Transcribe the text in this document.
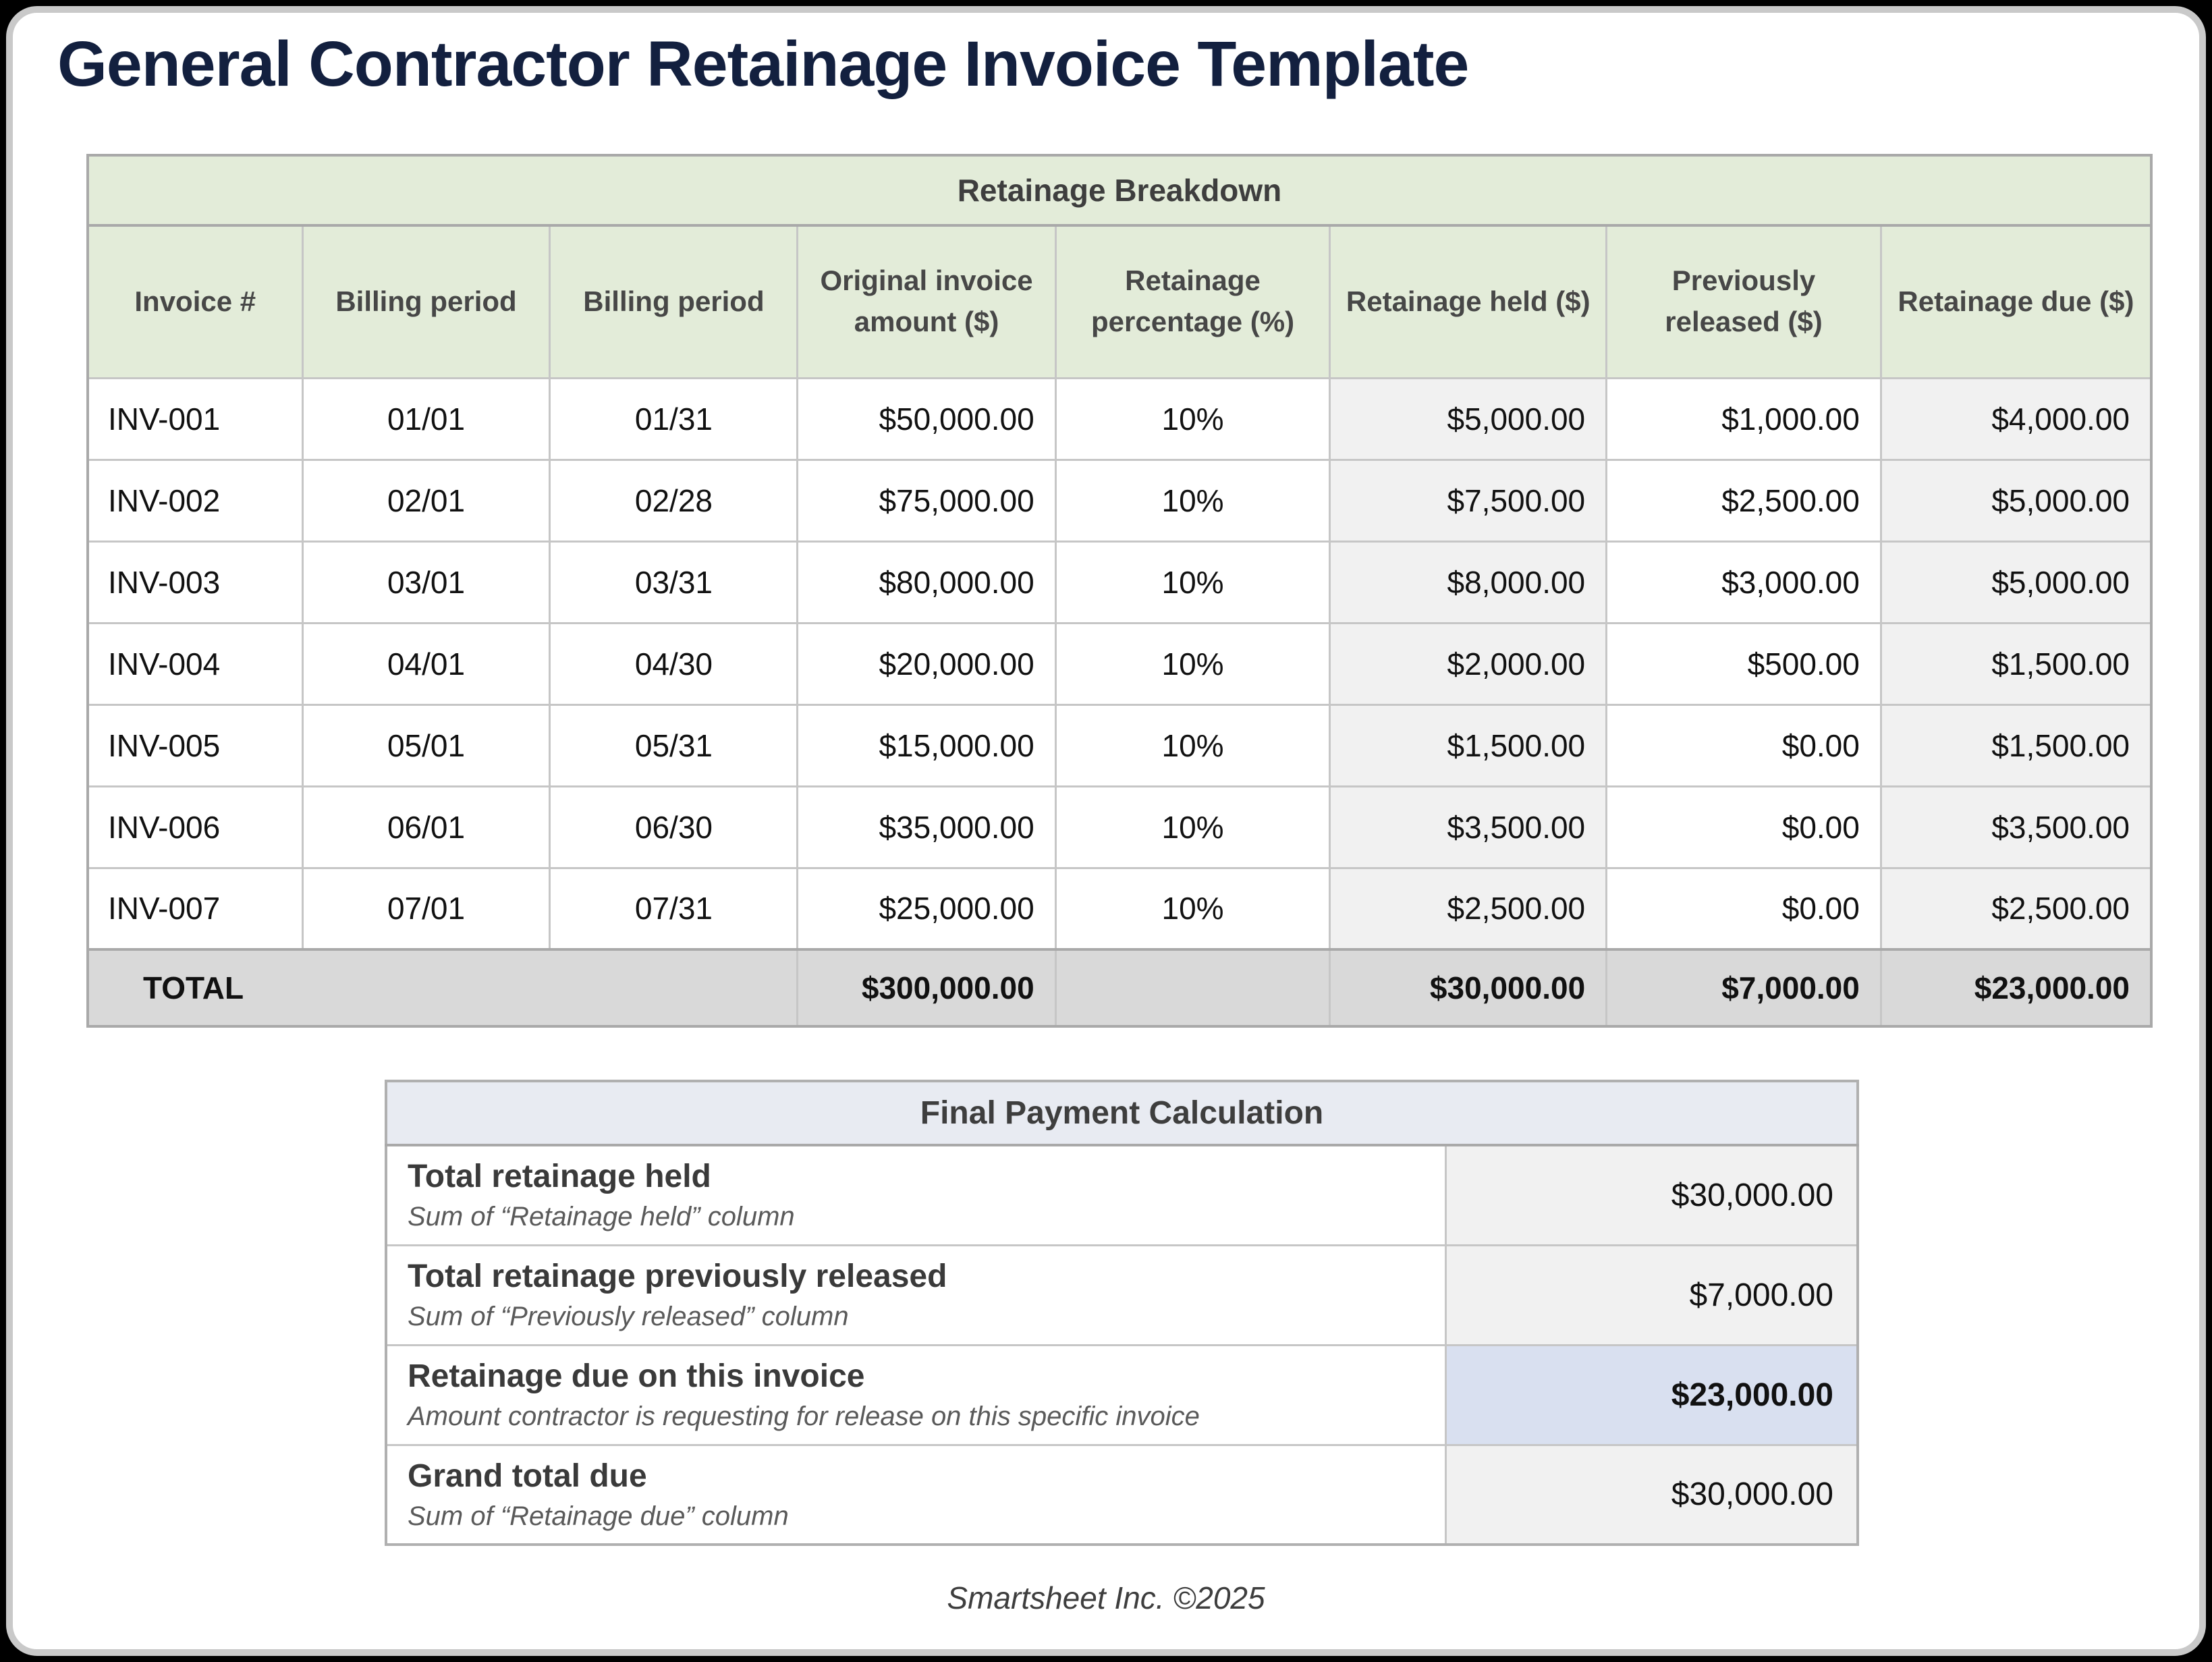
General Contractor Retainage Invoice Template
Retainage Breakdown							
Invoice #	Billing period	Billing period	Original invoice amount ($)	Retainage percentage (%)	Retainage held ($)	Previously released ($)	Retainage due ($)
INV-001	01/01	01/31	$50,000.00	10%	$5,000.00	$1,000.00	$4,000.00
INV-002	02/01	02/28	$75,000.00	10%	$7,500.00	$2,500.00	$5,000.00
INV-003	03/01	03/31	$80,000.00	10%	$8,000.00	$3,000.00	$5,000.00
INV-004	04/01	04/30	$20,000.00	10%	$2,000.00	$500.00	$1,500.00
INV-005	05/01	05/31	$15,000.00	10%	$1,500.00	$0.00	$1,500.00
INV-006	06/01	06/30	$35,000.00	10%	$3,500.00	$0.00	$3,500.00
INV-007	07/01	07/31	$25,000.00	10%	$2,500.00	$0.00	$2,500.00
TOTAL			$300,000.00		$30,000.00	$7,000.00	$23,000.00
Final Payment Calculation	

Total retainage held
Sum of “Retainage held” column	$30,000.00

Total retainage previously released
Sum of “Previously released” column	$7,000.00

Retainage due on this invoice
Amount contractor is requesting for release on this specific invoice	$23,000.00

Grand total due
Sum of “Retainage due” column	$30,000.00
Smartsheet Inc. ©2025
